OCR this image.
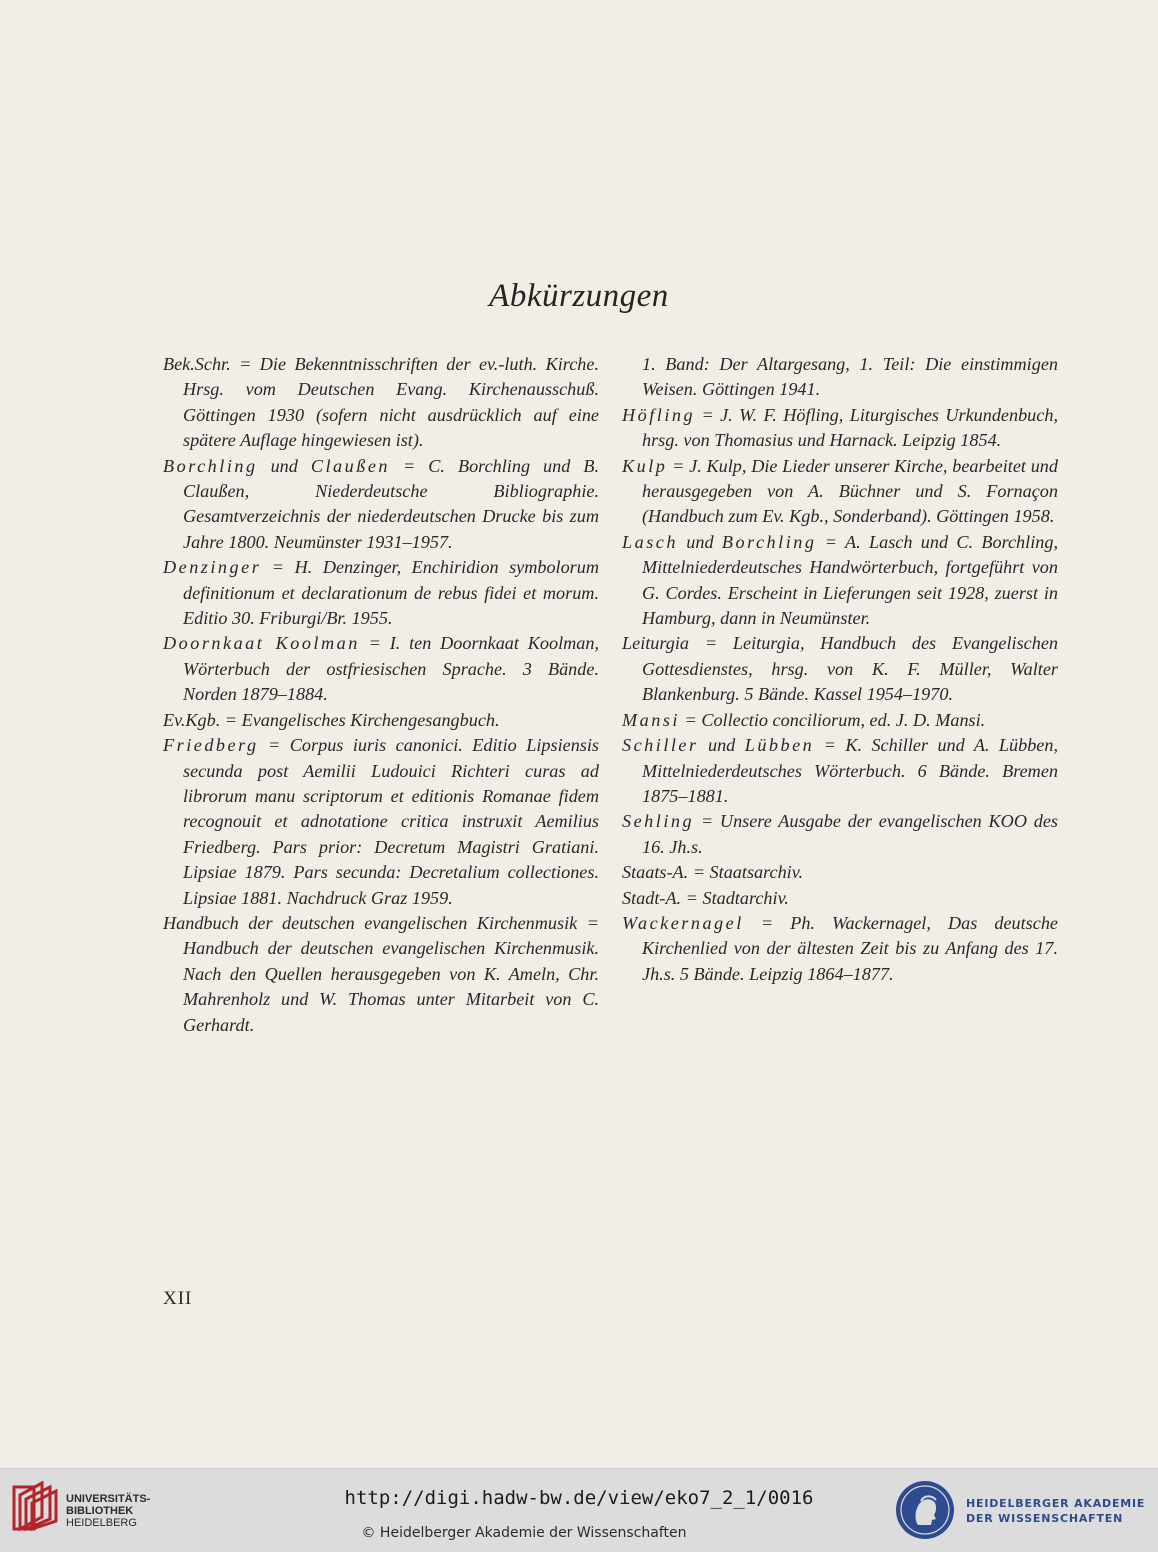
Abkürzungen

Bek.Schr. = Die Bekenntnisschriften der ev.-luth. Kirche. Hrsg. vom Deutschen Evang. Kirchenausschuß. Göttingen 1930 (sofern nicht ausdrücklich auf eine spätere Auflage hingewiesen ist).

Borchling und Claußen = C. Borchling und B. Claußen, Niederdeutsche Bibliographie. Gesamtverzeichnis der niederdeutschen Drucke bis zum Jahre 1800. Neumünster 1931–1957.

Denzinger = H. Denzinger, Enchiridion symbolorum definitionum et declarationum de rebus fidei et morum. Editio 30. Friburgi/Br. 1955.

Doornkaat Koolman = I. ten Doornkaat Koolman, Wörterbuch der ostfriesischen Sprache. 3 Bände. Norden 1879–1884.

Ev.Kgb. = Evangelisches Kirchengesangbuch.

Friedberg = Corpus iuris canonici. Editio Lipsiensis secunda post Aemilii Ludouici Richteri curas ad librorum manu scriptorum et editionis Romanae fidem recognouit et adnotatione critica instruxit Aemilius Friedberg. Pars prior: Decretum Magistri Gratiani. Lipsiae 1879. Pars secunda: Decretalium collectiones. Lipsiae 1881. Nachdruck Graz 1959.

Handbuch der deutschen evangelischen Kirchenmusik = Handbuch der deutschen evangelischen Kirchenmusik. Nach den Quellen herausgegeben von K. Ameln, Chr. Mahrenholz und W. Thomas unter Mitarbeit von C. Gerhardt.

1. Band: Der Altargesang, 1. Teil: Die einstimmigen Weisen. Göttingen 1941.

Höfling = J. W. F. Höfling, Liturgisches Urkundenbuch, hrsg. von Thomasius und Harnack. Leipzig 1854.

Kulp = J. Kulp, Die Lieder unserer Kirche, bearbeitet und herausgegeben von A. Büchner und S. Fornaçon (Handbuch zum Ev. Kgb., Sonderband). Göttingen 1958.

Lasch und Borchling = A. Lasch und C. Borchling, Mittelniederdeutsches Handwörterbuch, fortgeführt von G. Cordes. Erscheint in Lieferungen seit 1928, zuerst in Hamburg, dann in Neumünster.

Leiturgia = Leiturgia, Handbuch des Evangelischen Gottesdienstes, hrsg. von K. F. Müller, Walter Blankenburg. 5 Bände. Kassel 1954–1970.

Mansi = Collectio conciliorum, ed. J. D. Mansi.

Schiller und Lübben = K. Schiller und A. Lübben, Mittelniederdeutsches Wörterbuch. 6 Bände. Bremen 1875–1881.

Sehling = Unsere Ausgabe der evangelischen KOO des 16. Jh.s.

Staats-A. = Staatsarchiv.

Stadt-A. = Stadtarchiv.

Wackernagel = Ph. Wackernagel, Das deutsche Kirchenlied von der ältesten Zeit bis zu Anfang des 17. Jh.s. 5 Bände. Leipzig 1864–1877.

XII
UNIVERSITÄTS-
BIBLIOTHEK
HEIDELBERG
http://digi.hadw-bw.de/view/eko7_2_1/0016
© Heidelberger Akademie der Wissenschaften
HEIDELBERGER AKADEMIE
DER WISSENSCHAFTEN
